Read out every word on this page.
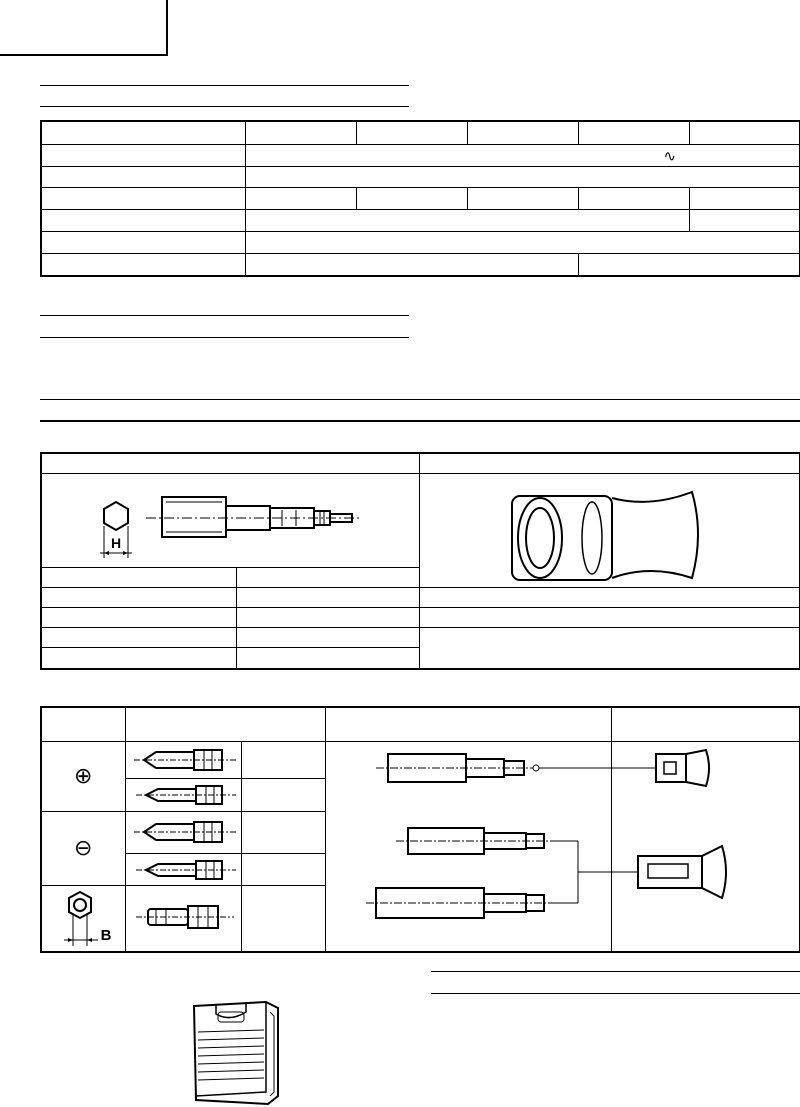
	∿				

H

⊕	

⊖	

B
